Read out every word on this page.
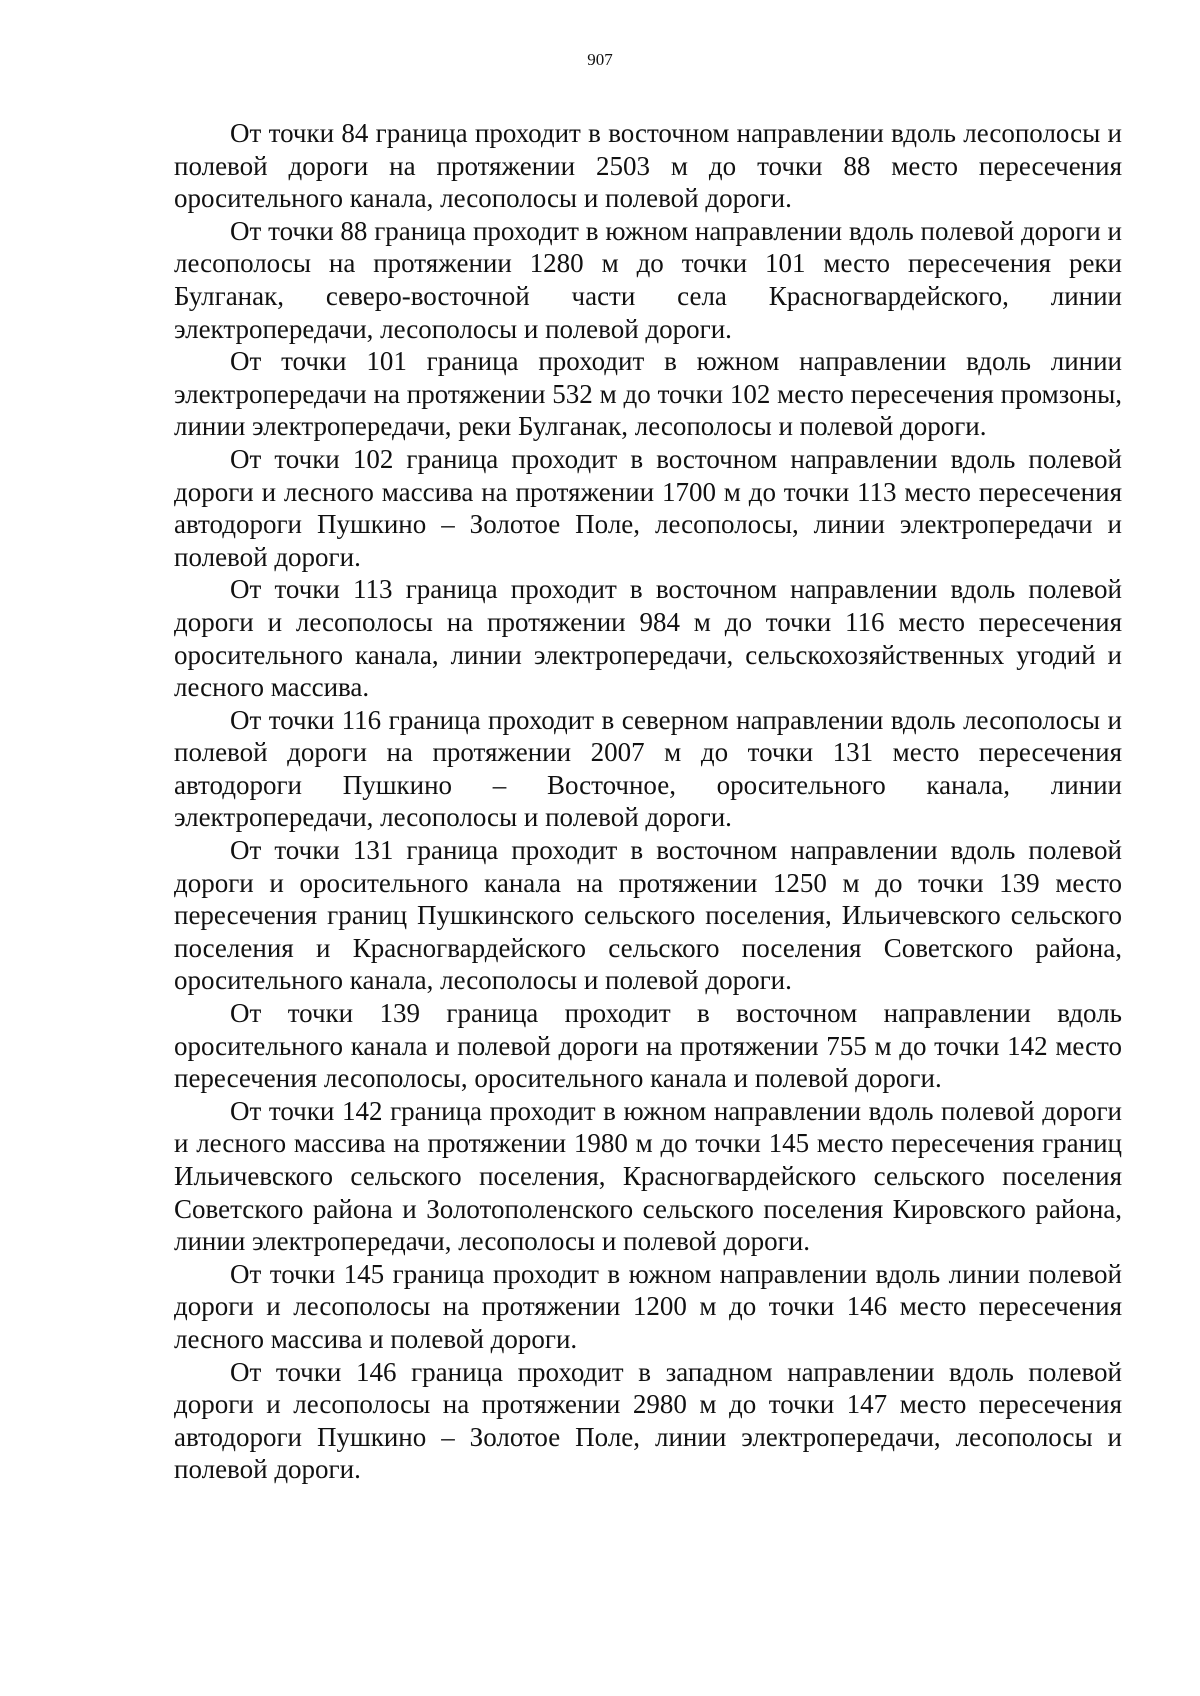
907

От точки 84 граница проходит в восточном направлении вдоль лесополосы и полевой дороги на протяжении 2503 м до точки 88 место пересечения оросительного канала, лесополосы и полевой дороги.

От точки 88 граница проходит в южном направлении вдоль полевой дороги и лесополосы на протяжении 1280 м до точки 101 место пересечения реки Булганак, северо-восточной части села Красногвардейского, линии электропередачи, лесополосы и полевой дороги.

От точки 101 граница проходит в южном направлении вдоль линии электропередачи на протяжении 532 м до точки 102 место пересечения промзоны, линии электропередачи, реки Булганак, лесополосы и полевой дороги.

От точки 102 граница проходит в восточном направлении вдоль полевой дороги и лесного массива на протяжении 1700 м до точки 113 место пересечения автодороги Пушкино – Золотое Поле, лесополосы, линии электропередачи и полевой дороги.

От точки 113 граница проходит в восточном направлении вдоль полевой дороги и лесополосы на протяжении 984 м до точки 116 место пересечения оросительного канала, линии электропередачи, сельскохозяйственных угодий и лесного массива.

От точки 116 граница проходит в северном направлении вдоль лесополосы и полевой дороги на протяжении 2007 м до точки 131 место пересечения автодороги Пушкино – Восточное, оросительного канала, линии электропередачи, лесополосы и полевой дороги.

От точки 131 граница проходит в восточном направлении вдоль полевой дороги и оросительного канала на протяжении 1250 м до точки 139 место пересечения границ Пушкинского сельского поселения, Ильичевского сельского поселения и Красногвардейского сельского поселения Советского района, оросительного канала, лесополосы и полевой дороги.

От точки 139 граница проходит в восточном направлении вдоль оросительного канала и полевой дороги на протяжении 755 м до точки 142 место пересечения лесополосы, оросительного канала и полевой дороги.

От точки 142 граница проходит в южном направлении вдоль полевой дороги и лесного массива на протяжении 1980 м до точки 145 место пересечения границ Ильичевского сельского поселения, Красногвардейского сельского поселения Советского района и Золотополенского сельского поселения Кировского района, линии электропередачи, лесополосы и полевой дороги.

От точки 145 граница проходит в южном направлении вдоль линии полевой дороги и лесополосы на протяжении 1200 м до точки 146 место пересечения лесного массива и полевой дороги.

От точки 146 граница проходит в западном направлении вдоль полевой дороги и лесополосы на протяжении 2980 м до точки 147 место пересечения автодороги Пушкино – Золотое Поле, линии электропередачи, лесополосы и полевой дороги.
